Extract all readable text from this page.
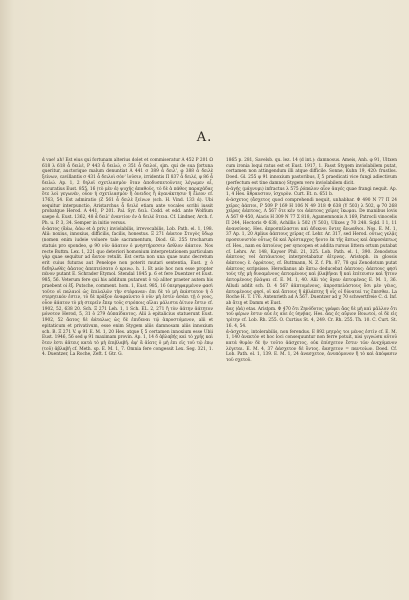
A.

ἀ vae! ah! Est eius qui fortunam alterius dolet et commiseratur A 452 P 201 Ω 618 λ 618 ἆ δειλέ, P 443 ἆ δειλώ, σ 351 ἆ δειλοί, sim. qui de sua fortuna queritur, auctorique malum denuntiat A 441 σ 389 ἆ δειλ', φ 388 ἆ δειλὲ ξείνων, cavillantis σ 431 ἆ δειλοὶ σὸν' ἰοῦσιν, irridentis Π 837 ἆ δειλέ, φ 86 ἆ δειλώ. Ap. 1, 2 δηλοῖ σχετλιασμὸν ὅταν ἀποδυσπετοῦντες λέγωμεν αἶ, accuratius Eust. 855, 16 (τὸ μὲν ἀ) ψυχῆς ἀπαθοῦς, τὸ δὲ ἀ πάθος παραχάδας ὅτε λοὶ γεγωνέν, οὖον ἡ σχετλιασμὸν ἢ ὀνειδος ἢ ἀγανάκτησιν ἢ ἔλεον cf. 1763, 54. Est admiratio (Z 561 ἆ δειλὲ ξείνων (sch. H. Vind. 133 ἀ). Ubi sequitur interpunctio, Aristarchus ἆ δειλὲ etiam ante vocales scribi iussit probatque Herod. A 441, P 201. Pal. Syr. δειλ. Codd. et edd. ante Wolfium saepe ἆ. Eust. 1362, 48 ἆ δειλ' ἐναντίον ἐν ἀ δειλὲ ὅτεια. Cf. Lindner, Arch. f. Ph. u. P. 3, 34. Semper in initio versus.

ἀ-άατος (ἄάω, ἀάω et ἀ priv.) inviolabilis, irrevocabilis, Lob. Path. el. 1, 198. Alii: noxius, innoxius, difficilis, facilis, honestus. Ξ 271 ἀάατον Στυγὸς ὕδωρ (nomen enim iudeie voluere tale sacramentum, Diod. Gl. 255 trocharum statuis pro spondeo, φ 90 νῦν ἀάατον ὁ μνηστήρεσσιν ἄεθλον ἀάατον. Nos recte Buttm. Lex. 1, 221 quo deteriori homonium interpretationem particulam γὰρ quae sequitur ad ἄατον retulit. Est certa non una quae nunc decretum erit cuius futuras aut Penelope non poterit mutari sententia, Eust. χ ὁ δεδηλωθὲς ἀἀατος ἀπεπτείσατο ὁ κρινω. h. 1. Et asio hoc non esse propter πένον putant E. Schrader Etymol. Stendal 1845 p. 6 et fere Duentzer et Eust. 985, 56. Veterum fere qui his additum putarent ὁ τῷ aliter praeter autem his praebent oi ἐξ. Putsche, comment. hom. 1, Eust. 985, 16 ὑπερηφαρμένον φασὶ τοῦτο οἱ παλαιοὶ ὡς ἐπιλαλῶν τὴν στέφαναν: ἐπι δὲ τὸ μὴ ἐκάστατον ἡ ὅ στερητικόν ἐστιν, τὸ δὲ πρᾶξον ἀναφαίνετο ὁ νῦν μὴ ἐστίν ἀσάει τῇ ὁ γοος, οὖον ἀάατον τὸ μὴ στερεῖν ἔπερ τοῦς στρόποις αἴλαι μάλιστα ἀίτιον ἔστιν cf. 1902, 52, 638 20. Sch. Ξ 271 Leh. 1, 1 Sch. EL. 2, 271 ἢ τὸν ἀάτην ἀάτητον μόνοτον Herod, 5, 31 ὁ 279 ἀὐπαίδαυτος. Alii à epitalicius statuerunt Eust. 1902, 52 ἄατος δὲ ἀάταλως ὡς δὲ ἐπιδεναι τῷ ἀπροστόμενον, alii et epitaticum et privativum, esse enim Stygem aliis damnosam aliis innoxium sch. B. Ξ 271 V. φ 91 E. M. 1, 20 Hes. atque ξ 5 certamen innoxium esse Ubii Eust. 1946, 56 sed φ 91 maximam provin. Ap. 1, 14 δ ἀβλαβής καὶ τὸ χρῆς καὶ ὅτεν ἐστι ἀἀτεις κατὰ τὸ μὴ ἐπιβλαβῆ. ἀφ' ἅ ἀἰατς ὁ μὴ ἐπι εἰς τοῦ τῷ ἐπῳ (τοῦ) ἀβλαβῆ cf. Meth. sp. E. M. 1, 7. Omnia fere congessit Lex. Seg. 321, 1. 4. Duentzer, La Roche, Zeft. f. Gtr. G.

1865 p. 281, Savelsb. qu. lez. 14 (d int.): damnosus. Ameis, Anh. φ 91, Ultxen cum ironia loqui ratus est et Eust. 1917, 1. Fasst Stygem inviolabilem putat, certamen non attingendum illi atque difficile. Sonne, Kuhn 19, 420: frustlos. Doed. Gl. 255 φ 91 innoxium pastoribus, ξ 5 praedicati vice fungi adiectivum (perfectum est tine damno) Stygem vero inviolabilem dicit.

ἀ-άγής (μάγνυμι) infractus λ 575 ῥόπαλον αἶον ἀαγές quae frangi nequit. Ap. 1, 4 Hes. ἄθραυστον, ἰσχυρὸν. Curt. Et. n. 651 b.

ἀ-άσχετος (ἄσχετος quod comprehendi nequit, unhabbar. Φ 490 Ν 77 Π 24 χεῖρες ἀάπτοι, Ρ 509 Ρ 169 Η 106 Ν 49 318 Φ 638 (Υ 503) λ 502, φ 70 268 χεῖρας ἀάπτους, Λ 567 ὅτε κὲν τοι ἀάπτους χεῖρες ἵκωμαι. De manibus lovis Α 567 Θ 450, Aiacis Η 309 Ν 77 Σ 818, Agamemnonis Λ 169, Patrocli vinocelis Π 244, Hectoris Φ 638, Achillis λ 502 (Υ 503), Ulixes χ 70 248. Sqld. I 1, 11 ἀνανεύνας. Hes. ἀπροσπέλαστοι καὶ ἀδικνοι ὄντες ἄνωαθιοι. Nos. E. M. 1, 37 Ap. 1, 20 Aplius ἀάπτους χεῖρας cf. Lehr. Ar. 317, sed Herod. οὖτως γελᾷς προσευνιστὸν οὖτως δὲ καὶ Ἀρίσταρχος ἥουτο ἐκ τῆς ἄπτως καὶ ἀπροσάπτως cf. Hes., nam ex ἀπτοίους per syncopen et addita rursus littera ortum putabat cf. Lehrs. Ar. 148, Kayser Phil. 21, 325. Lob. Path. el. 1, 390. Zenodotus ἀάπτους vel ἀπτάιατους interpretabatur ἀἰτρνας. Aristoph. in glossis ἀάπτους: ἐ. ὁρράτους, cf. Buttmann, N. Z. f. Ph. 87, 78 qui Zenodotum putat ἀάπτους scripsisse. Herodianus ab ἄπτω deducebat ἀάπτους: ἀάπτους φησὶ τοὺς τῆς μὴ δυναμένους ἀπτομένους καὶ βλαβῆναι ἢ καὶ ἐπίτευσιν καὶ ἥττον ἀπτομένους βλάψαι cf. E. M. 1, 40. Alii τὸς ἄγαν ἀπτομένας E. M. 1, 36. Alludi addit sch. D. 4 567 ἀἀπτομένους, ἀπροσπελάστους ὅσι μὲν γέιος, ἀπτομένους φησὶ, οἱ καὶ ἄπτους ἢ ἀβλάπτης ἢ οἷς οἱ δύναταί τις ἔπεσθαι. La Roche H. T. 176. Antenrieth ad A 567. Duentzer ad χ 70 schwertfreie C. d. Inf. ab ἄτιῃ et Damm et Eust.

ἄας (ἀά) etas. Aristom. Φ 470 ὅτι Ζηνόδοτος γράφει ἄας δὲ μὴ καὶ μᾶλλον ὅτι τοῦ φέρων ἐστιν αὖε ἐς αὖε ἐς ὑηνβας. Hes. ἄας ἐς αὔριον Βοιωτοί, οἱ δὲ εἰς τρίτην cf. Lob. Rh. 255. O. Curtius St. 4, 249. Cr. Rh. 255. Th. 10. C. Curt. St. 16. 4, 54.

ἀ-άσχετος, intolerabilis, non ferendus. E 892 μητρὸς τοι μένος ἐστὶν cf. E. M. 1, 140 ἀνεκτὸν et hoc loci consequuntur non ferre potuit, nisi γιγνώσκ αὐτοῦ κατά θυμὸν δὲ ἡν τοῦτο ἀάσχετος, οὐκ ἐπίσχετον ἔστιν τῶν ἀνεχόμενον λέγεται. E. M. 4, 37 ἀάσχετον δὲ ὄντος. ἄασχετον = παντοίων. Doed. Cf. Lob. Path. el. 1, 139. E. M. 1, 24 ἀνασχετον, ἀνυπόμονον ἢ τὸ καὶ ἀπόφασιν τοῦ σχετοῦ.
